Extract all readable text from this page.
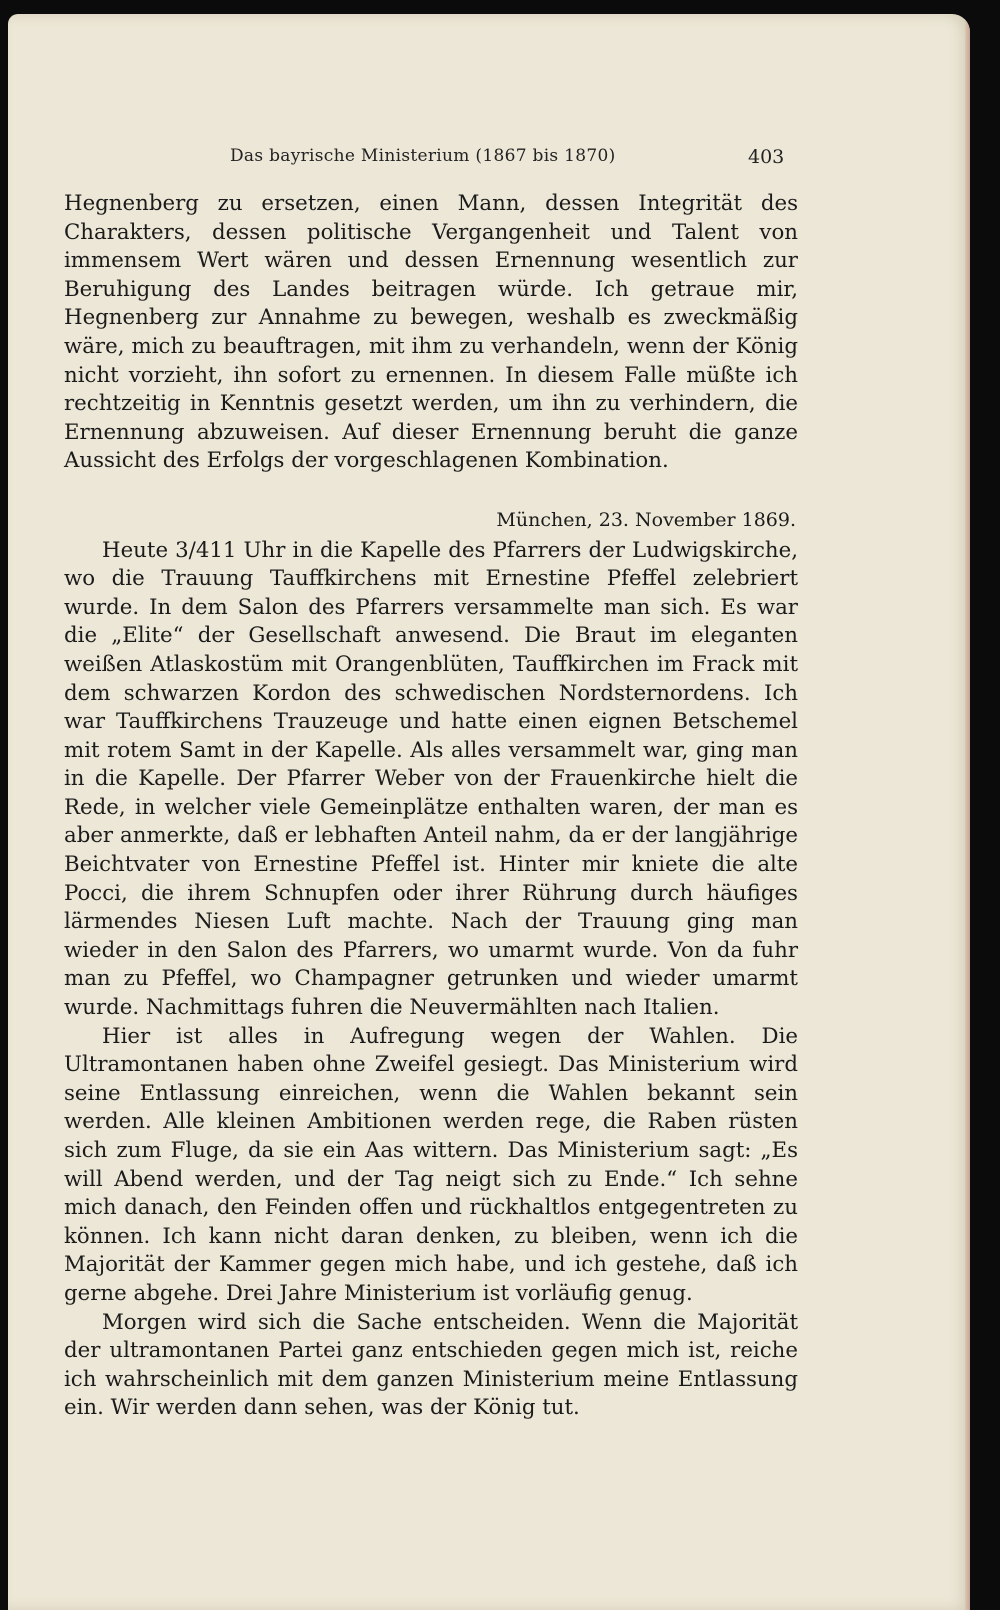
Das bayrische Ministerium (1867 bis 1870)	403

Hegnenberg zu ersetzen, einen Mann, dessen Integrität des Charakters, dessen politische Vergangenheit und Talent von immensem Wert wären und dessen Ernennung wesentlich zur Beruhigung des Landes beitragen würde. Ich getraue mir, Hegnenberg zur Annahme zu bewegen, weshalb es zweckmäßig wäre, mich zu beauftragen, mit ihm zu verhandeln, wenn der König nicht vorzieht, ihn sofort zu ernennen. In diesem Falle müßte ich rechtzeitig in Kenntnis gesetzt werden, um ihn zu verhindern, die Ernennung abzuweisen. Auf dieser Ernennung beruht die ganze Aussicht des Erfolgs der vorgeschlagenen Kombination.

München, 23. November 1869.

Heute 3/411 Uhr in die Kapelle des Pfarrers der Ludwigskirche, wo die Trauung Tauffkirchens mit Ernestine Pfeffel zelebriert wurde. In dem Salon des Pfarrers versammelte man sich. Es war die „Elite“ der Gesellschaft anwesend. Die Braut im eleganten weißen Atlaskostüm mit Orangenblüten, Tauffkirchen im Frack mit dem schwarzen Kordon des schwedischen Nordsternordens. Ich war Tauffkirchens Trauzeuge und hatte einen eignen Betschemel mit rotem Samt in der Kapelle. Als alles versammelt war, ging man in die Kapelle. Der Pfarrer Weber von der Frauenkirche hielt die Rede, in welcher viele Gemeinplätze enthalten waren, der man es aber anmerkte, daß er lebhaften Anteil nahm, da er der langjährige Beichtvater von Ernestine Pfeffel ist. Hinter mir kniete die alte Pocci, die ihrem Schnupfen oder ihrer Rührung durch häufiges lärmendes Niesen Luft machte. Nach der Trauung ging man wieder in den Salon des Pfarrers, wo umarmt wurde. Von da fuhr man zu Pfeffel, wo Champagner getrunken und wieder umarmt wurde. Nachmittags fuhren die Neuvermählten nach Italien.

Hier ist alles in Aufregung wegen der Wahlen. Die Ultramontanen haben ohne Zweifel gesiegt. Das Ministerium wird seine Entlassung einreichen, wenn die Wahlen bekannt sein werden. Alle kleinen Ambitionen werden rege, die Raben rüsten sich zum Fluge, da sie ein Aas wittern. Das Ministerium sagt: „Es will Abend werden, und der Tag neigt sich zu Ende.“ Ich sehne mich danach, den Feinden offen und rückhaltlos entgegentreten zu können. Ich kann nicht daran denken, zu bleiben, wenn ich die Majorität der Kammer gegen mich habe, und ich gestehe, daß ich gerne abgehe. Drei Jahre Ministerium ist vorläufig genug.

Morgen wird sich die Sache entscheiden. Wenn die Majorität der ultramontanen Partei ganz entschieden gegen mich ist, reiche ich wahrscheinlich mit dem ganzen Ministerium meine Entlassung ein. Wir werden dann sehen, was der König tut.
